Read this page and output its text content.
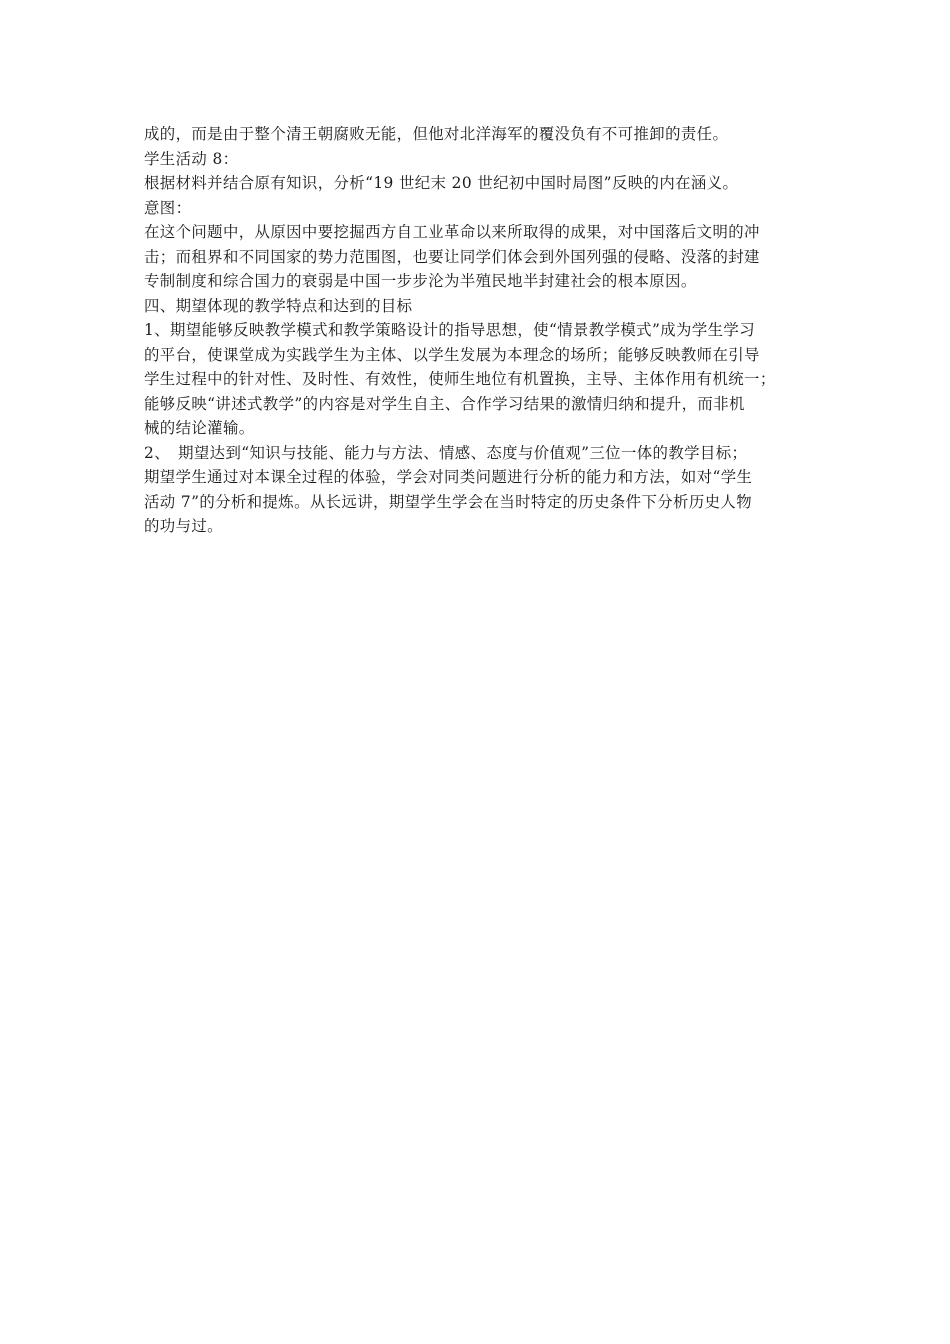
成的，而是由于整个清王朝腐败无能，但他对北洋海军的覆没负有不可推卸的责任。
学生活动 8：
根据材料并结合原有知识，分析“19 世纪末 20 世纪初中国时局图”反映的内在涵义。
意图：
在这个问题中，从原因中要挖掘西方自工业革命以来所取得的成果，对中国落后文明的冲
击；而租界和不同国家的势力范围图，也要让同学们体会到外国列强的侵略、没落的封建
专制制度和综合国力的衰弱是中国一步步沦为半殖民地半封建社会的根本原因。
四、期望体现的教学特点和达到的目标
1、期望能够反映教学模式和教学策略设计的指导思想，使“情景教学模式”成为学生学习
的平台，使课堂成为实践学生为主体、以学生发展为本理念的场所；能够反映教师在引导
学生过程中的针对性、及时性、有效性，使师生地位有机置换，主导、主体作用有机统一；
能够反映“讲述式教学”的内容是对学生自主、合作学习结果的激情归纳和提升，而非机
械的结论灌输。
2、　期望达到“知识与技能、能力与方法、情感、态度与价值观”三位一体的教学目标；
期望学生通过对本课全过程的体验，学会对同类问题进行分析的能力和方法，如对“学生
活动 7”的分析和提炼。从长远讲，期望学生学会在当时特定的历史条件下分析历史人物
的功与过。
